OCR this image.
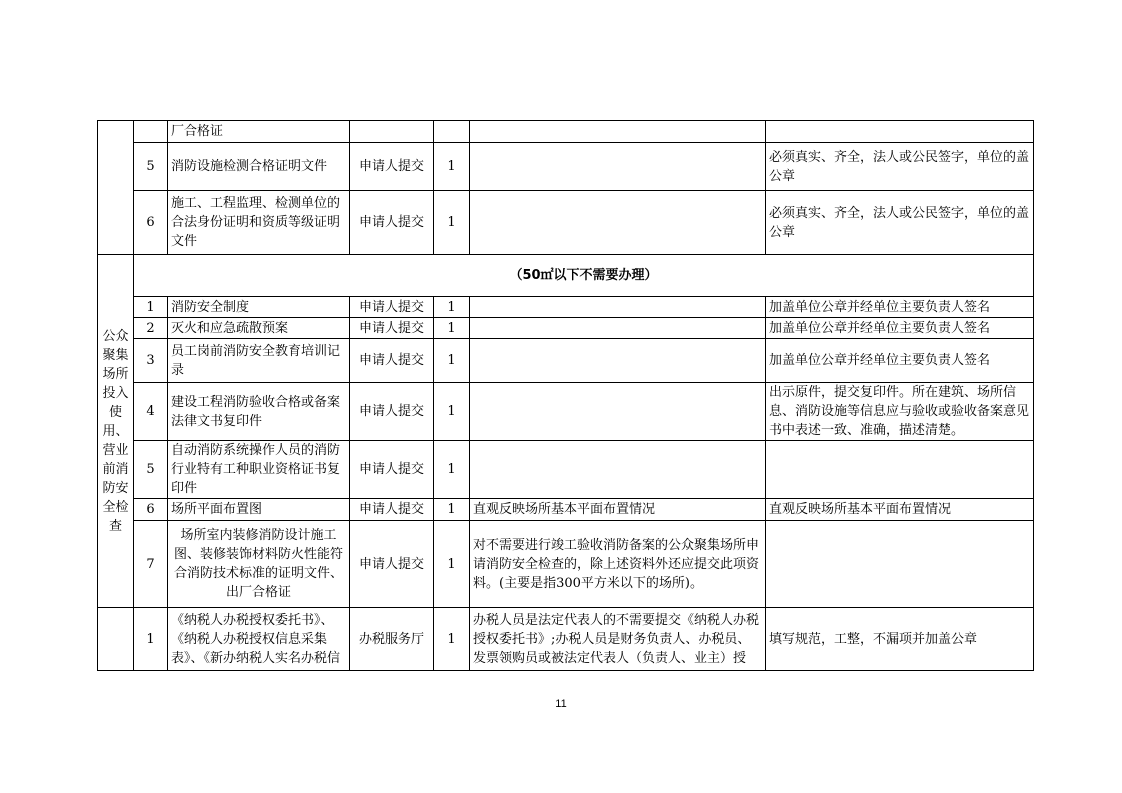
		厂合格证				
	5	消防设施检测合格证明文件	申请人提交	1		必须真实、齐全，法人或公民签字，单位的盖公章
	6	施工、工程监理、检测单位的合法身份证明和资质等级证明文件	申请人提交	1		必须真实、齐全，法人或公民签字，单位的盖公章
公众聚集场所投入使用、营业前消防安全检查	（50㎡以下不需要办理）					
	1	消防安全制度	申请人提交	1		加盖单位公章并经单位主要负责人签名
	2	灭火和应急疏散预案	申请人提交	1		加盖单位公章并经单位主要负责人签名
	3	员工岗前消防安全教育培训记录	申请人提交	1		加盖单位公章并经单位主要负责人签名
	4	建设工程消防验收合格或备案法律文书复印件	申请人提交	1		出示原件，提交复印件。所在建筑、场所信息、消防设施等信息应与验收或验收备案意见书中表述一致、准确，描述清楚。
	5	自动消防系统操作人员的消防行业特有工种职业资格证书复印件	申请人提交	1		
	6	场所平面布置图	申请人提交	1	直观反映场所基本平面布置情况	直观反映场所基本平面布置情况
	7	场所室内装修消防设计施工图、装修装饰材料防火性能符合消防技术标准的证明文件、出厂合格证	申请人提交	1	对不需要进行竣工验收消防备案的公众聚集场所申请消防安全检查的，除上述资料外还应提交此项资料。(主要是指300平方米以下的场所)。	
	1	《纳税人办税授权委托书》、《纳税人办税授权信息采集表》、《新办纳税人实名办税信	办税服务厅	1	办税人员是法定代表人的不需要提交《纳税人办税授权委托书》;办税人员是财务负责人、办税员、发票领购员或被法定代表人（负责人、业主）授	填写规范，工整，不漏项并加盖公章
11
